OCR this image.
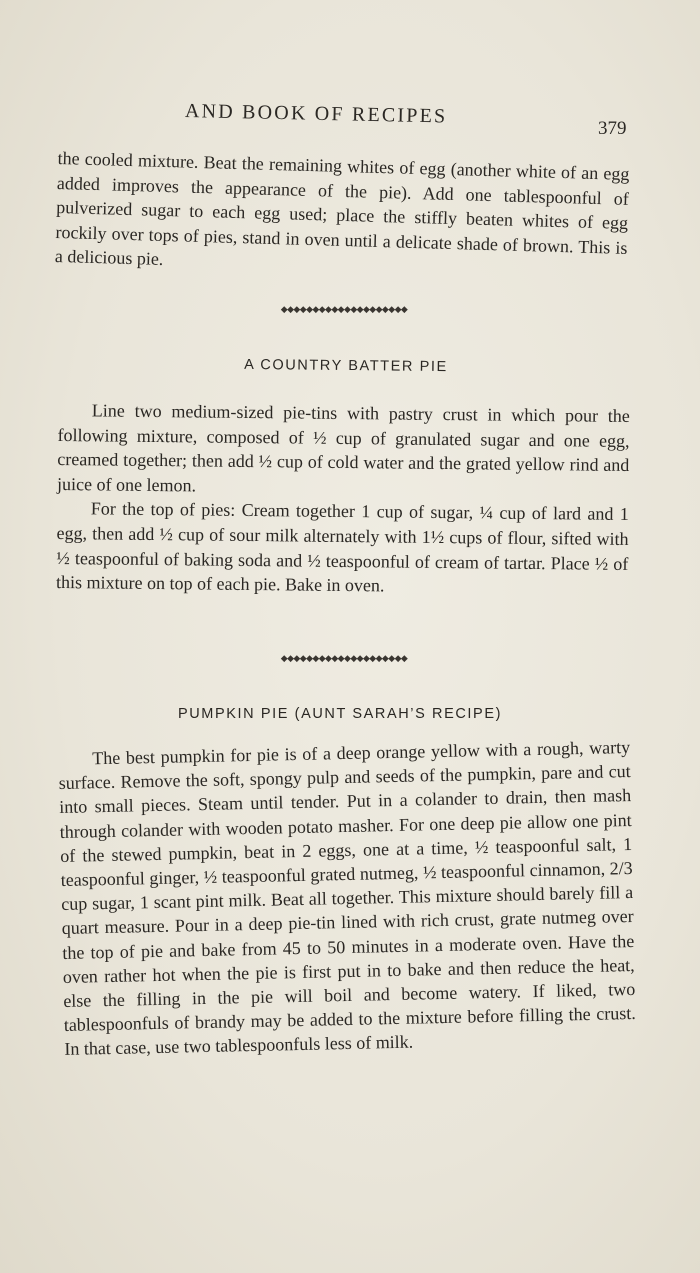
AND BOOK OF RECIPES
379

the cooled mixture. Beat the remaining whites of egg (another white of an egg added improves the appearance of the pie). Add one tablespoonful of pulverized sugar to each egg used; place the stiffly beaten whites of egg rockily over tops of pies, stand in oven until a delicate shade of brown. This is a delicious pie.

◆◆◆◆◆◆◆◆◆◆◆◆◆◆◆◆◆◆◆◆
A COUNTRY BATTER PIE

Line two medium-sized pie-tins with pastry crust in which pour the following mixture, composed of ½ cup of granulated sugar and one egg, creamed together; then add ½ cup of cold water and the grated yellow rind and juice of one lemon.

For the top of pies: Cream together 1 cup of sugar, ¼ cup of lard and 1 egg, then add ½ cup of sour milk alternately with 1½ cups of flour, sifted with ½ teaspoonful of baking soda and ½ teaspoonful of cream of tartar. Place ½ of this mixture on top of each pie. Bake in oven.

◆◆◆◆◆◆◆◆◆◆◆◆◆◆◆◆◆◆◆◆
PUMPKIN PIE (AUNT SARAH’S RECIPE)

The best pumpkin for pie is of a deep orange yellow with a rough, warty surface. Remove the soft, spongy pulp and seeds of the pumpkin, pare and cut into small pieces. Steam until tender. Put in a colander to drain, then mash through colander with wooden potato masher. For one deep pie allow one pint of the stewed pumpkin, beat in 2 eggs, one at a time, ½ teaspoonful salt, 1 teaspoonful ginger, ½ teaspoonful grated nutmeg, ½ teaspoonful cinnamon, 2/3 cup sugar, 1 scant pint milk. Beat all together. This mixture should barely fill a quart measure. Pour in a deep pie-tin lined with rich crust, grate nutmeg over the top of pie and bake from 45 to 50 minutes in a moderate oven. Have the oven rather hot when the pie is first put in to bake and then reduce the heat, else the filling in the pie will boil and become watery. If liked, two tablespoonfuls of brandy may be added to the mixture before filling the crust. In that case, use two tablespoonfuls less of milk.
